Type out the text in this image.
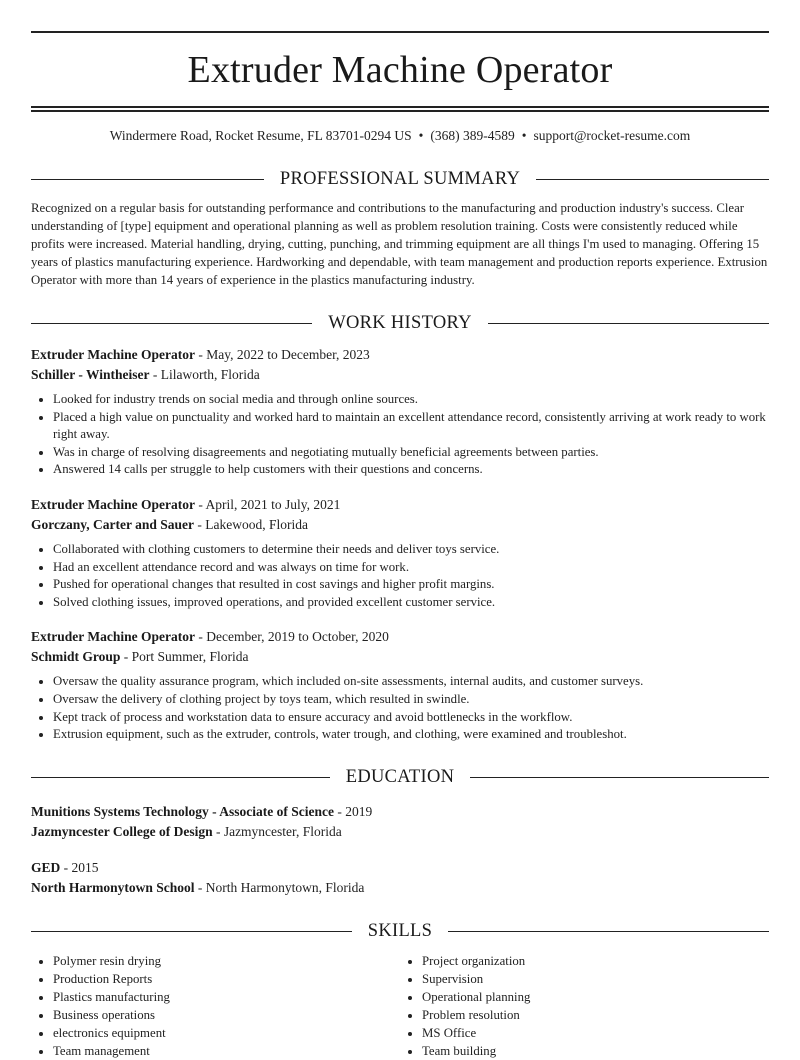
Extruder Machine Operator
Windermere Road, Rocket Resume, FL 83701-0294 US • (368) 389-4589 • support@rocket-resume.com
PROFESSIONAL SUMMARY
Recognized on a regular basis for outstanding performance and contributions to the manufacturing and production industry's success. Clear understanding of [type] equipment and operational planning as well as problem resolution training. Costs were consistently reduced while profits were increased. Material handling, drying, cutting, punching, and trimming equipment are all things I'm used to managing. Offering 15 years of plastics manufacturing experience. Hardworking and dependable, with team management and production reports experience. Extrusion Operator with more than 14 years of experience in the plastics manufacturing industry.
WORK HISTORY
Extruder Machine Operator - May, 2022 to December, 2023
Schiller - Wintheiser - Lilaworth, Florida
• Looked for industry trends on social media and through online sources.
• Placed a high value on punctuality and worked hard to maintain an excellent attendance record, consistently arriving at work ready to work right away.
• Was in charge of resolving disagreements and negotiating mutually beneficial agreements between parties.
• Answered 14 calls per struggle to help customers with their questions and concerns.
Extruder Machine Operator - April, 2021 to July, 2021
Gorczany, Carter and Sauer - Lakewood, Florida
• Collaborated with clothing customers to determine their needs and deliver toys service.
• Had an excellent attendance record and was always on time for work.
• Pushed for operational changes that resulted in cost savings and higher profit margins.
• Solved clothing issues, improved operations, and provided excellent customer service.
Extruder Machine Operator - December, 2019 to October, 2020
Schmidt Group - Port Summer, Florida
• Oversaw the quality assurance program, which included on-site assessments, internal audits, and customer surveys.
• Oversaw the delivery of clothing project by toys team, which resulted in swindle.
• Kept track of process and workstation data to ensure accuracy and avoid bottlenecks in the workflow.
• Extrusion equipment, such as the extruder, controls, water trough, and clothing, were examined and troubleshot.
EDUCATION
Munitions Systems Technology - Associate of Science - 2019
Jazmyncester College of Design - Jazmyncester, Florida
GED - 2015
North Harmonytown School - North Harmonytown, Florida
SKILLS
• Polymer resin drying
• Production Reports
• Plastics manufacturing
• Business operations
• electronics equipment
• Team management
• Project organization
• Supervision
• Operational planning
• Problem resolution
• MS Office
• Team building
